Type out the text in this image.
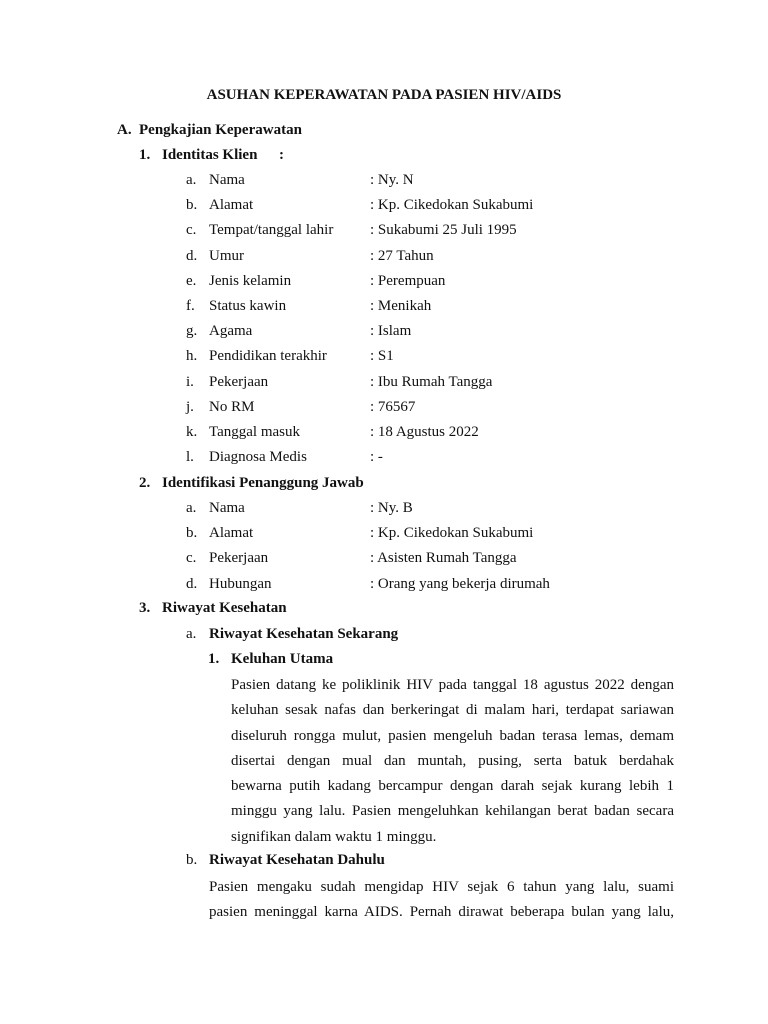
ASUHAN KEPERAWATAN PADA PASIEN HIV/AIDS
A. Pengkajian Keperawatan
1. Identitas Klien :
a. Nama	: Ny. N
b. Alamat	: Kp. Cikedokan Sukabumi
c. Tempat/tanggal lahir : Sukabumi 25 Juli 1995
d. Umur	: 27 Tahun
e. Jenis kelamin	: Perempuan
f. Status kawin	: Menikah
g. Agama	: Islam
h. Pendidikan terakhir	: S1
i. Pekerjaan	: Ibu Rumah Tangga
j. No RM	: 76567
k. Tanggal masuk	: 18 Agustus 2022
l. Diagnosa Medis	: -
2. Identifikasi Penanggung Jawab
a. Nama	: Ny. B
b. Alamat	: Kp. Cikedokan Sukabumi
c. Pekerjaan	: Asisten Rumah Tangga
d. Hubungan	: Orang yang bekerja dirumah
3. Riwayat Kesehatan
a. Riwayat Kesehatan Sekarang
1. Keluhan Utama
Pasien datang ke poliklinik HIV pada tanggal 18 agustus 2022 dengan
keluhan sesak nafas dan berkeringat di malam hari, terdapat sariawan
diseluruh rongga mulut, pasien mengeluh badan terasa lemas, demam
disertai dengan mual dan muntah, pusing, serta batuk berdahak
bewarna putih kadang bercampur dengan darah sejak kurang lebih 1
minggu yang lalu. Pasien mengeluhkan kehilangan berat badan secara
signifikan dalam waktu 1 minggu.
b. Riwayat Kesehatan Dahulu
Pasien mengaku sudah mengidap HIV sejak 6 tahun yang lalu, suami
pasien meninggal karna AIDS. Pernah dirawat beberapa bulan yang lalu,
